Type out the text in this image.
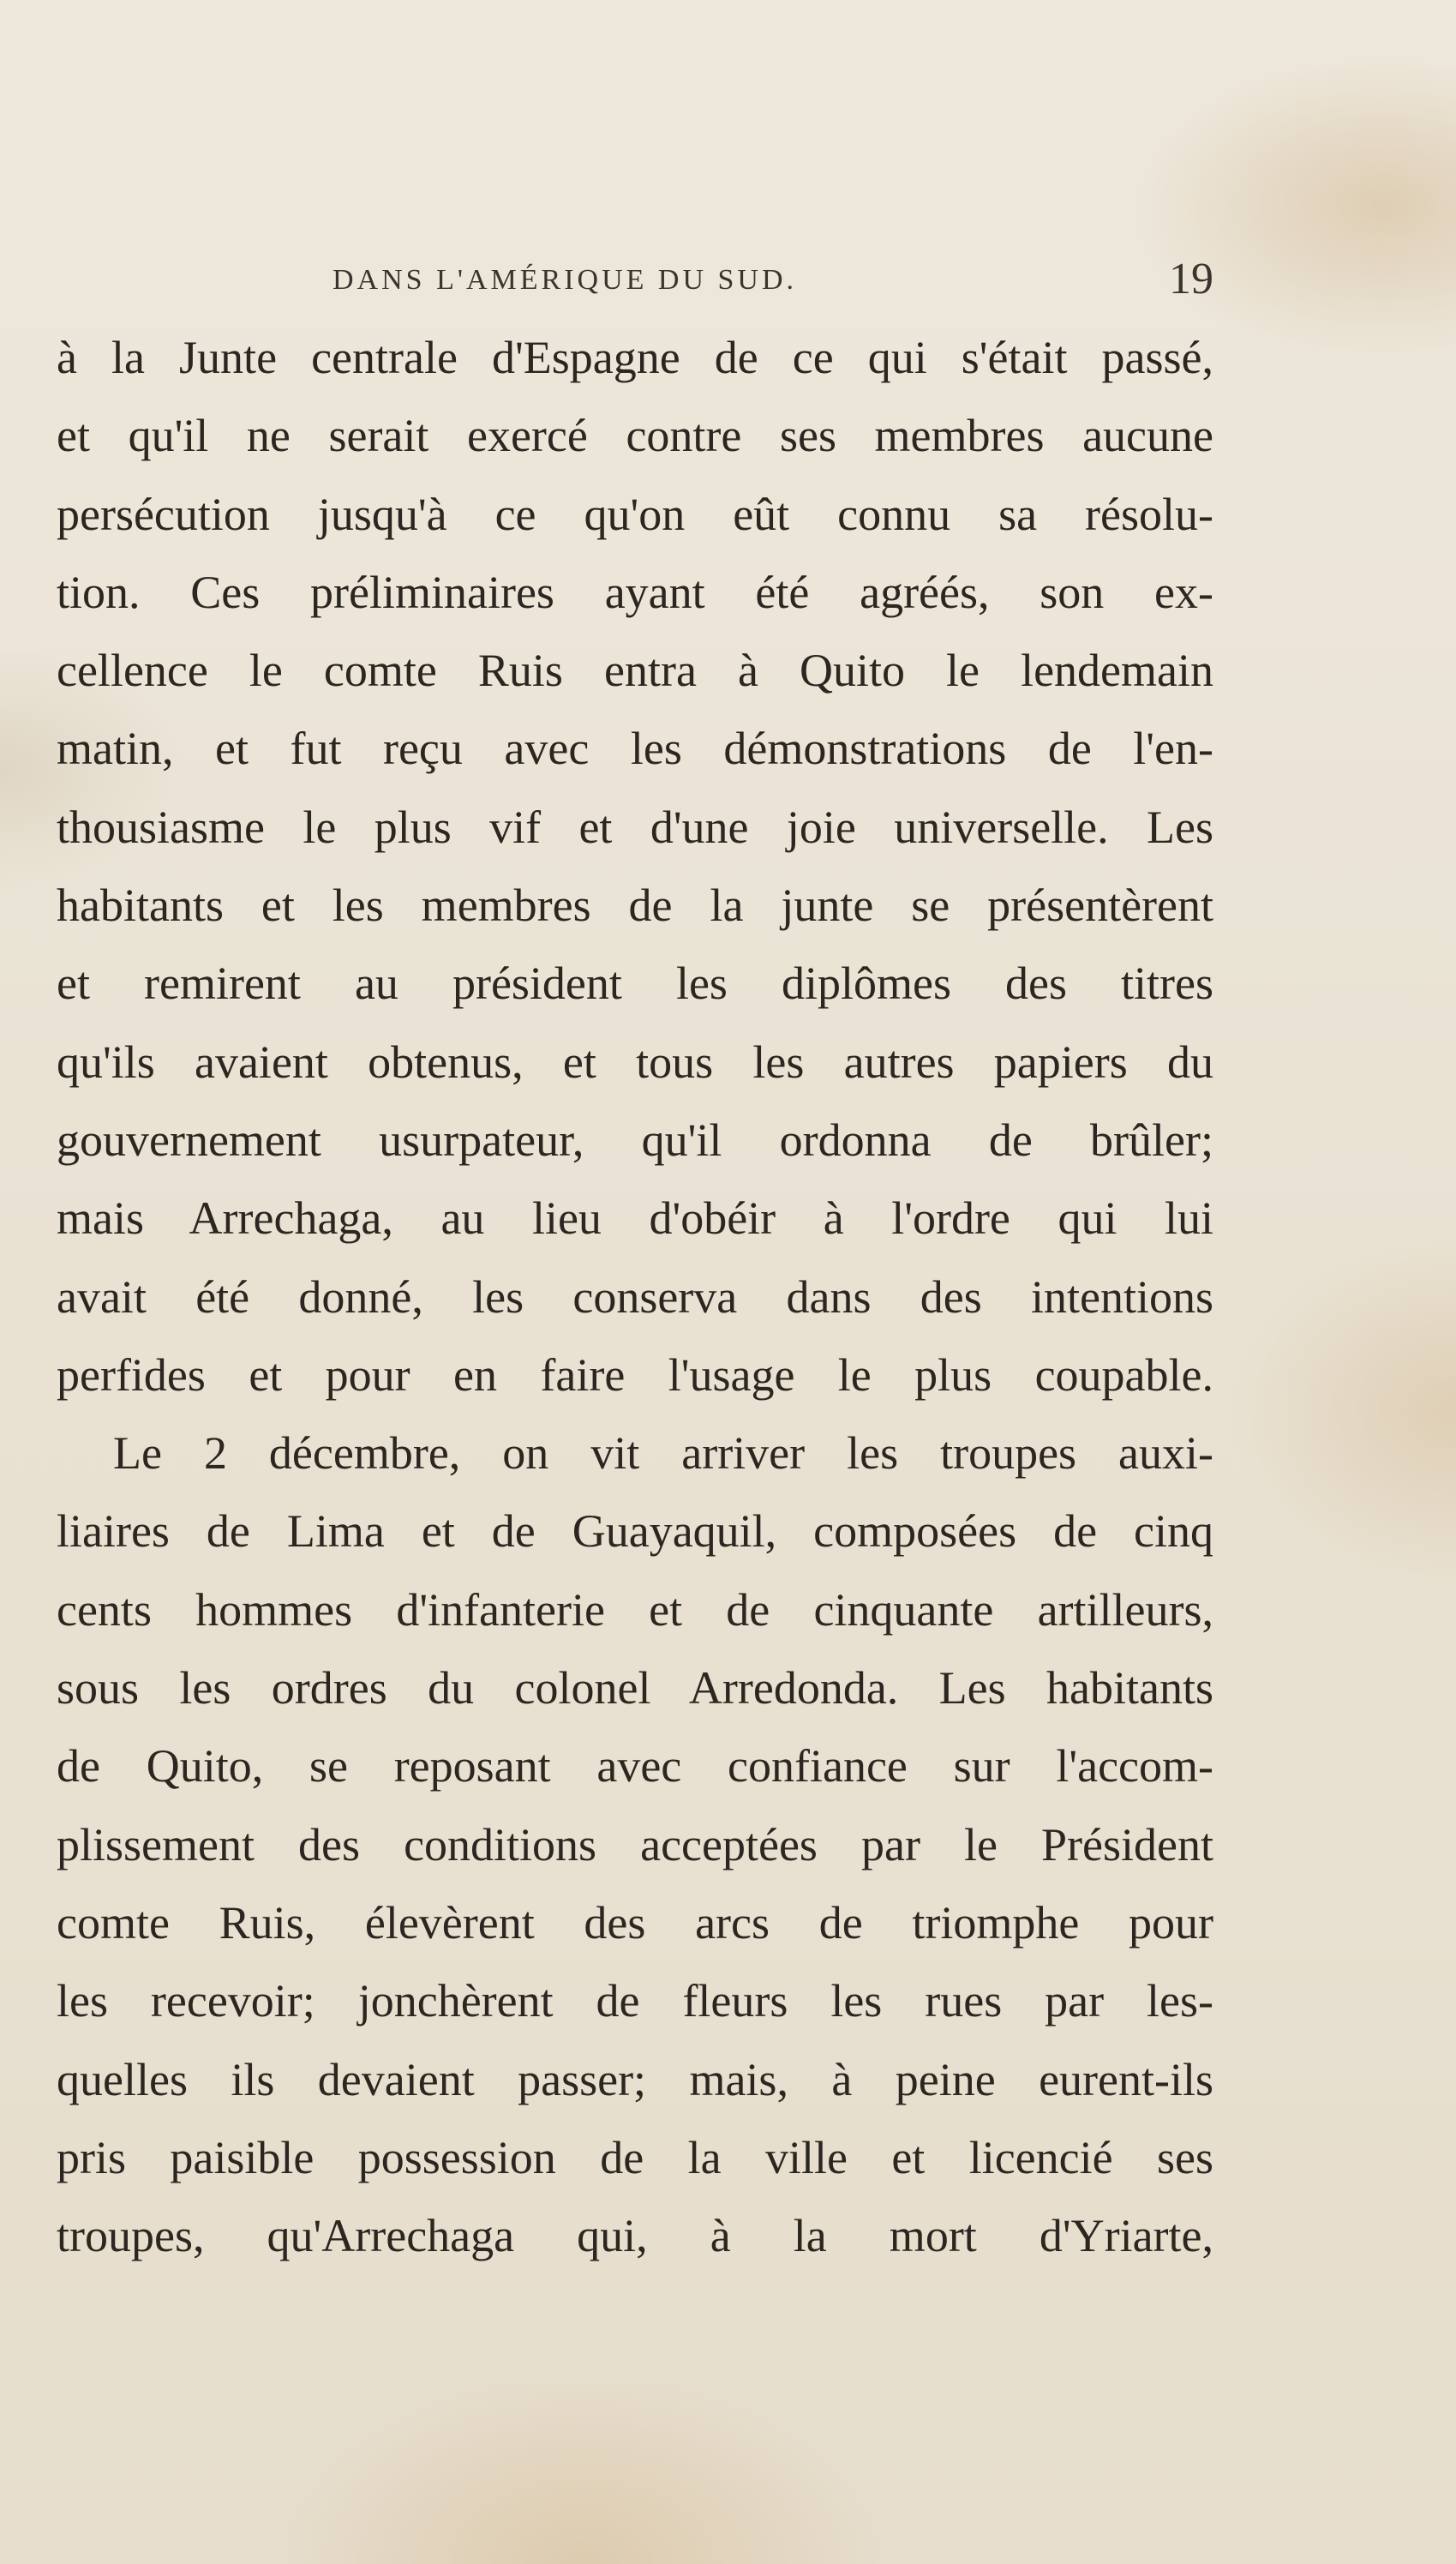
DANS L'AMÉRIQUE DU SUD.	19
à la Junte centrale d'Espagne de ce qui s'était passé,
et qu'il ne serait exercé contre ses membres aucune
persécution jusqu'à ce qu'on eût connu sa résolu-
tion. Ces préliminaires ayant été agréés, son ex-
cellence le comte Ruis entra à Quito le lendemain
matin, et fut reçu avec les démonstrations de l'en-
thousiasme le plus vif et d'une joie universelle. Les
habitants et les membres de la junte se présentèrent
et remirent au président les diplômes des titres
qu'ils avaient obtenus, et tous les autres papiers du
gouvernement usurpateur, qu'il ordonna de brûler;
mais Arrechaga, au lieu d'obéir à l'ordre qui lui
avait été donné, les conserva dans des intentions
perfides et pour en faire l'usage le plus coupable.
Le 2 décembre, on vit arriver les troupes auxi-
liaires de Lima et de Guayaquil, composées de cinq
cents hommes d'infanterie et de cinquante artilleurs,
sous les ordres du colonel Arredonda. Les habitants
de Quito, se reposant avec confiance sur l'accom-
plissement des conditions acceptées par le Président
comte Ruis, élevèrent des arcs de triomphe pour
les recevoir; jonchèrent de fleurs les rues par les-
quelles ils devaient passer; mais, à peine eurent-ils
pris paisible possession de la ville et licencié ses
troupes, qu'Arrechaga qui, à la mort d'Yriarte,
